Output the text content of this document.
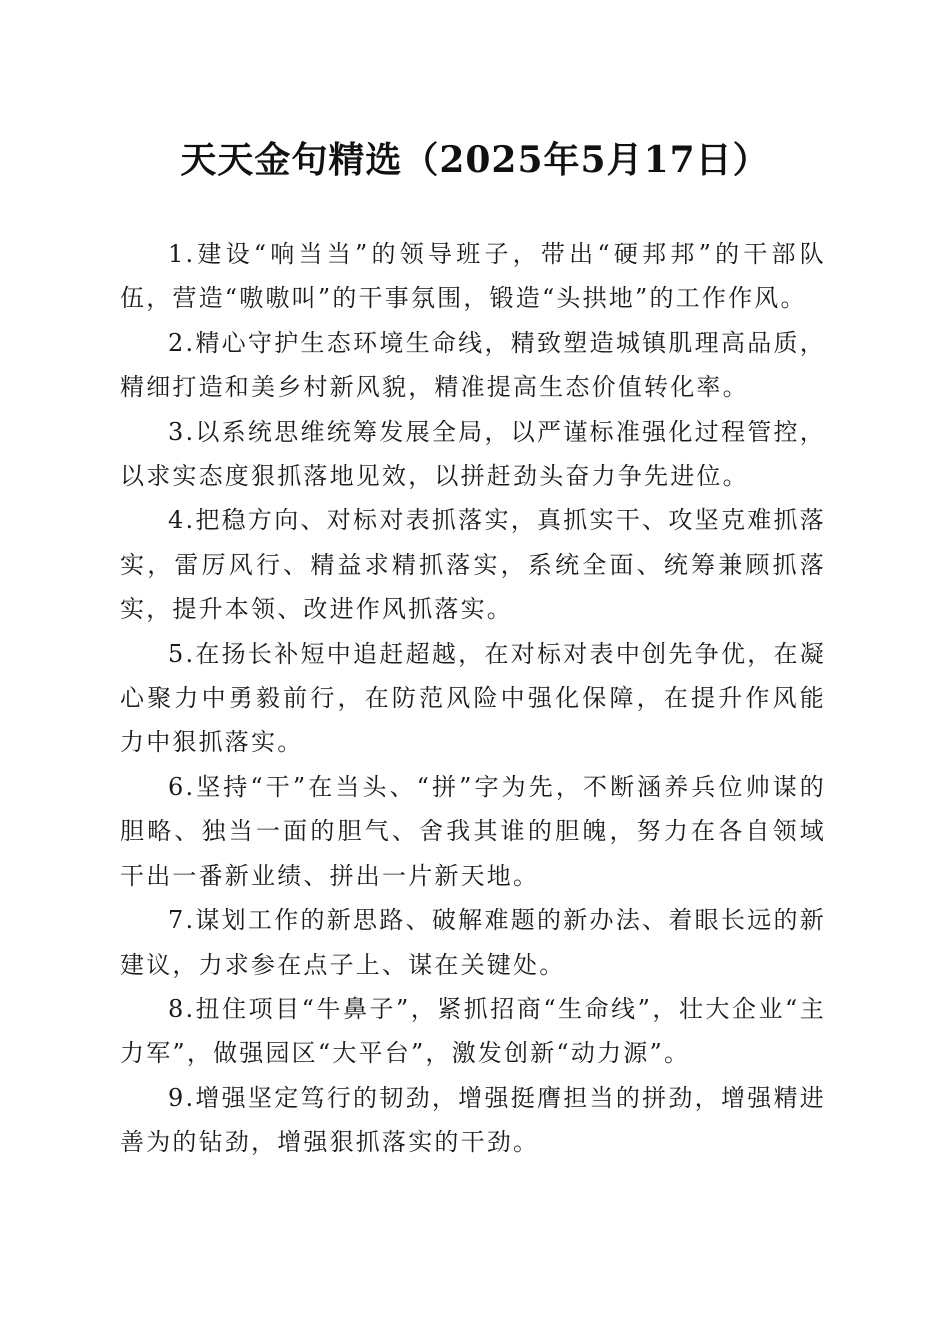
天天金句精选（2025年5月17日）

1.建设“响当当”的领导班子，带出“硬邦邦”的干部队伍，营造“嗷嗷叫”的干事氛围，锻造“头拱地”的工作作风。

2.精心守护生态环境生命线，精致塑造城镇肌理高品质，精细打造和美乡村新风貌，精准提高生态价值转化率。

3.以系统思维统筹发展全局，以严谨标准强化过程管控，以求实态度狠抓落地见效，以拼赶劲头奋力争先进位。

4.把稳方向、对标对表抓落实，真抓实干、攻坚克难抓落实，雷厉风行、精益求精抓落实，系统全面、统筹兼顾抓落实，提升本领、改进作风抓落实。

5.在扬长补短中追赶超越，在对标对表中创先争优，在凝心聚力中勇毅前行，在防范风险中强化保障，在提升作风能力中狠抓落实。

6.坚持“干”在当头、“拼”字为先，不断涵养兵位帅谋的胆略、独当一面的胆气、舍我其谁的胆魄，努力在各自领域干出一番新业绩、拼出一片新天地。

7.谋划工作的新思路、破解难题的新办法、着眼长远的新建议，力求参在点子上、谋在关键处。

8.扭住项目“牛鼻子”，紧抓招商“生命线”，壮大企业“主力军”，做强园区“大平台”，激发创新“动力源”。

9.增强坚定笃行的韧劲，增强挺膺担当的拼劲，增强精进善为的钻劲，增强狠抓落实的干劲。
